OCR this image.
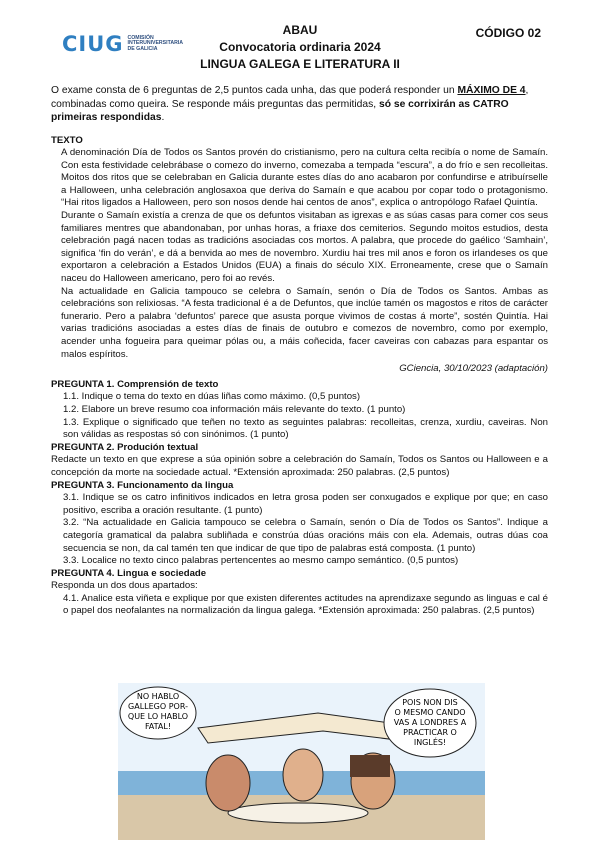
CIUG COMISIÓN
INTERUNIVERSITARIA
DE GALICIA
ABAU
Convocatoria ordinaria 2024
LINGUA GALEGA E LITERATURA II
CÓDIGO 02

O exame consta de 6 preguntas de 2,5 puntos cada unha, das que poderá responder un MÁXIMO DE 4, combinadas como queira. Se responde máis preguntas das permitidas, só se corrixirán as CATRO primeiras respondidas.

TEXTO

A denominación Día de Todos os Santos provén do cristianismo, pero na cultura celta recibía o nome de Samaín. Con esta festividade celebrábase o comezo do inverno, comezaba a tempada “escura”, a do frío e sen recolleitas. Moitos dos ritos que se celebraban en Galicia durante estes días do ano acabaron por confundirse e atribuírselle a Halloween, unha celebración anglosaxoa que deriva do Samaín e que acabou por copar todo o protagonismo. “Hai ritos ligados a Halloween, pero son nosos dende hai centos de anos”, explica o antropólogo Rafael Quintía.

Durante o Samaín existía a crenza de que os defuntos visitaban as igrexas e as súas casas para comer cos seus familiares mentres que abandonaban, por unhas horas, a friaxe dos cemiterios. Segundo moitos estudios, desta celebración pagá nacen todas as tradicións asociadas cos mortos. A palabra, que procede do gaélico ‘Samhain’, significa ‘fin do verán’, e dá a benvida ao mes de novembro. Xurdiu hai tres mil anos e foron os irlandeses os que exportaron a celebración a Estados Unidos (EUA) a finais do século XIX. Erroneamente, crese que o Samaín naceu do Halloween americano, pero foi ao revés.

Na actualidade en Galicia tampouco se celebra o Samaín, senón o Día de Todos os Santos. Ambas as celebracións son relixiosas. “A festa tradicional é a de Defuntos, que inclúe tamén os magostos e ritos de carácter funerario. Pero a palabra ‘defuntos’ parece que asusta porque vivimos de costas á morte”, sostén Quintía. Hai varias tradicións asociadas a estes días de finais de outubro e comezos de novembro, como por exemplo, acender unha fogueira para queimar pólas ou, a máis coñecida, facer caveiras con cabazas para espantar os malos espíritos.

GCiencia, 30/10/2023 (adaptación)

PREGUNTA 1. Comprensión de texto

1.1. Indique o tema do texto en dúas liñas como máximo. (0,5 puntos)

1.2. Elabore un breve resumo coa información máis relevante do texto. (1 punto)

1.3. Explique o significado que teñen no texto as seguintes palabras: recolleitas, crenza, xurdiu, caveiras. Non son válidas as respostas só con sinónimos. (1 punto)

PREGUNTA 2. Produción textual

Redacte un texto en que exprese a súa opinión sobre a celebración do Samaín, Todos os Santos ou Halloween e a concepción da morte na sociedade actual. *Extensión aproximada: 250 palabras. (2,5 puntos)

PREGUNTA 3. Funcionamento da lingua

3.1. Indique se os catro infinitivos indicados en letra grosa poden ser conxugados e explique por que; en caso positivo, escriba a oración resultante. (1 punto)

3.2. “Na actualidade en Galicia tampouco se celebra o Samaín, senón o Día de Todos os Santos”. Indique a categoría gramatical da palabra subliñada e constrúa dúas oracións máis con ela. Ademais, outras dúas coa secuencia se non, da cal tamén ten que indicar de que tipo de palabras está composta. (1 punto)

3.3. Localice no texto cinco palabras pertencentes ao mesmo campo semántico. (0,5 puntos)

PREGUNTA 4. Lingua e sociedade

Responda un dos dous apartados:

4.1. Analice esta viñeta e explique por que existen diferentes actitudes na aprendizaxe segundo as linguas e cal é o papel dos neofalantes na normalización da lingua galega. *Extensión aproximada: 250 palabras. (2,5 puntos)

NO HABLO
GALLEGO POR-
QUE LO HABLO
FATAL!
POIS NON DIS
O MESMO CANDO
VAS A LONDRES A
PRACTICAR O
INGLÉS!
